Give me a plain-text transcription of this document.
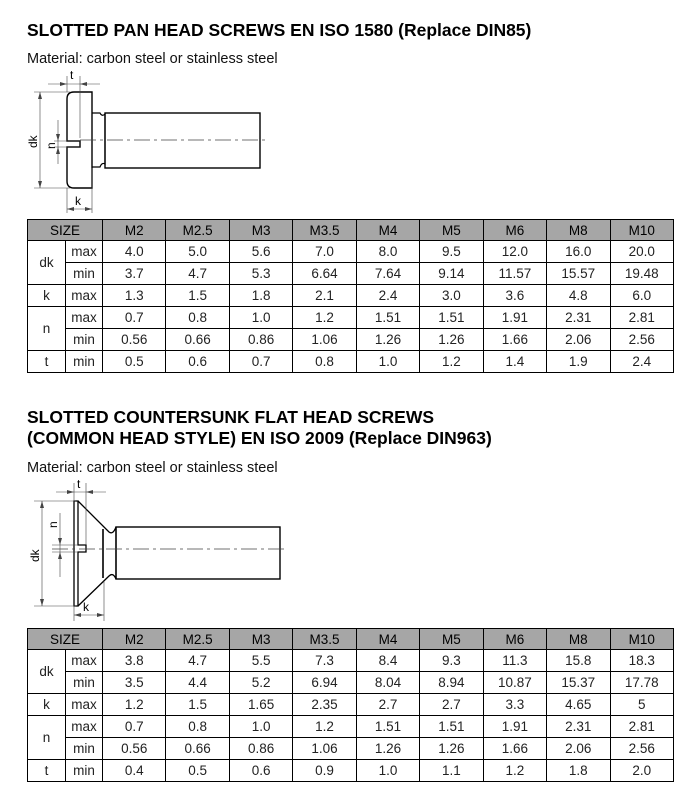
SLOTTED PAN HEAD SCREWS EN ISO 1580 (Replace DIN85)
Material: carbon steel or stainless steel
t
dk n
k
SIZE		M2	M2.5	M3	M3.5	M4	M5	M6	M8	M10
dk	max	4.0	5.0	5.6	7.0	8.0	9.5	12.0	16.0	20.0
	min	3.7	4.7	5.3	6.64	7.64	9.14	11.57	15.57	19.48
k	max	1.3	1.5	1.8	2.1	2.4	3.0	3.6	4.8	6.0
n	max	0.7	0.8	1.0	1.2	1.51	1.51	1.91	2.31	2.81
	min	0.56	0.66	0.86	1.06	1.26	1.26	1.66	2.06	2.56
t	min	0.5	0.6	0.7	0.8	1.0	1.2	1.4	1.9	2.4
SLOTTED COUNTERSUNK FLAT HEAD SCREWS
(COMMON HEAD STYLE) EN ISO 2009 (Replace DIN963)
Material: carbon steel or stainless steel
t
dk
n
k
SIZE		M2	M2.5	M3	M3.5	M4	M5	M6	M8	M10
dk	max	3.8	4.7	5.5	7.3	8.4	9.3	11.3	15.8	18.3
	min	3.5	4.4	5.2	6.94	8.04	8.94	10.87	15.37	17.78
k	max	1.2	1.5	1.65	2.35	2.7	2.7	3.3	4.65	5
n	max	0.7	0.8	1.0	1.2	1.51	1.51	1.91	2.31	2.81
	min	0.56	0.66	0.86	1.06	1.26	1.26	1.66	2.06	2.56
t	min	0.4	0.5	0.6	0.9	1.0	1.1	1.2	1.8	2.0
